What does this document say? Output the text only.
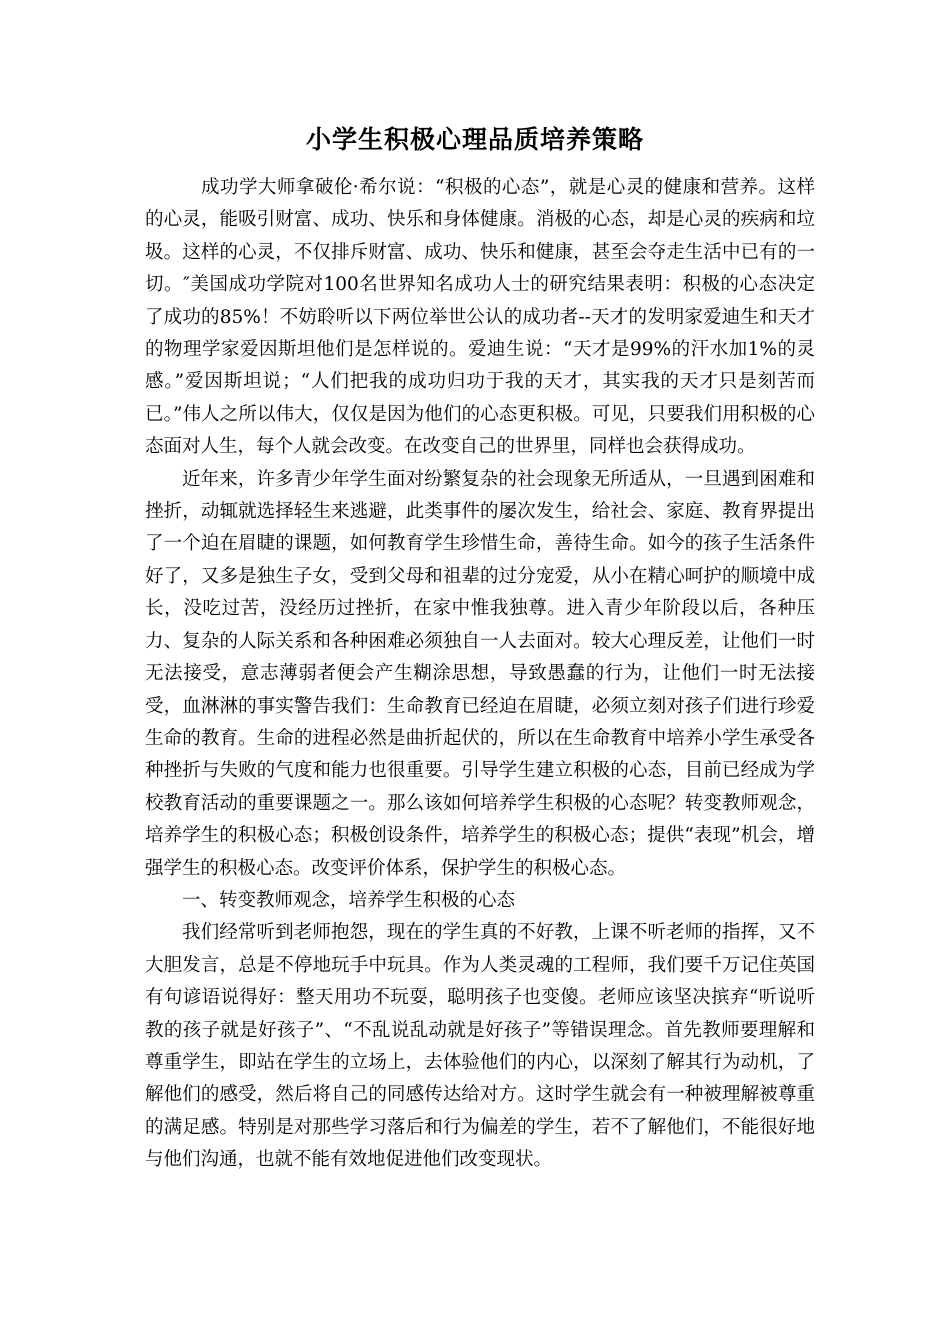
小学生积极心理品质培养策略

成功学大师拿破伦·希尔说：“积极的心态”，就是心灵的健康和营养。这样的心灵，能吸引财富、成功、快乐和身体健康。消极的心态，却是心灵的疾病和垃圾。这样的心灵，不仅排斥财富、成功、快乐和健康，甚至会夺走生活中已有的一切。″美国成功学院对100名世界知名成功人士的研究结果表明：积极的心态决定了成功的85%！不妨聆听以下两位举世公认的成功者--天才的发明家爱迪生和天才的物理学家爱因斯坦他们是怎样说的。爱迪生说：“天才是99%的汗水加1%的灵感。”爱因斯坦说；“人们把我的成功归功于我的天才，其实我的天才只是刻苦而已。”伟人之所以伟大，仅仅是因为他们的心态更积极。可见，只要我们用积极的心态面对人生，每个人就会改变。在改变自己的世界里，同样也会获得成功。

近年来，许多青少年学生面对纷繁复杂的社会现象无所适从，一旦遇到困难和挫折，动辄就选择轻生来逃避，此类事件的屡次发生，给社会、家庭、教育界提出了一个迫在眉睫的课题，如何教育学生珍惜生命，善待生命。如今的孩子生活条件好了，又多是独生子女，受到父母和祖辈的过分宠爱，从小在精心呵护的顺境中成长，没吃过苦，没经历过挫折，在家中惟我独尊。进入青少年阶段以后，各种压力、复杂的人际关系和各种困难必须独自一人去面对。较大心理反差，让他们一时无法接受，意志薄弱者便会产生糊涂思想，导致愚蠢的行为，让他们一时无法接受，血淋淋的事实警告我们：生命教育已经迫在眉睫，必须立刻对孩子们进行珍爱生命的教育。生命的进程必然是曲折起伏的，所以在生命教育中培养小学生承受各种挫折与失败的气度和能力也很重要。引导学生建立积极的心态，目前已经成为学校教育活动的重要课题之一。那么该如何培养学生积极的心态呢？转变教师观念，培养学生的积极心态；积极创设条件，培养学生的积极心态；提供“表现”机会，增强学生的积极心态。改变评价体系，保护学生的积极心态。

一、转变教师观念，培养学生积极的心态

我们经常听到老师抱怨，现在的学生真的不好教，上课不听老师的指挥，又不大胆发言，总是不停地玩手中玩具。作为人类灵魂的工程师，我们要千万记住英国有句谚语说得好：整天用功不玩耍，聪明孩子也变傻。老师应该坚决摈弃“听说听教的孩子就是好孩子”、“不乱说乱动就是好孩子”等错误理念。首先教师要理解和尊重学生，即站在学生的立场上，去体验他们的内心，以深刻了解其行为动机，了解他们的感受，然后将自己的同感传达给对方。这时学生就会有一种被理解被尊重的满足感。特别是对那些学习落后和行为偏差的学生，若不了解他们，不能很好地与他们沟通，也就不能有效地促进他们改变现状。
